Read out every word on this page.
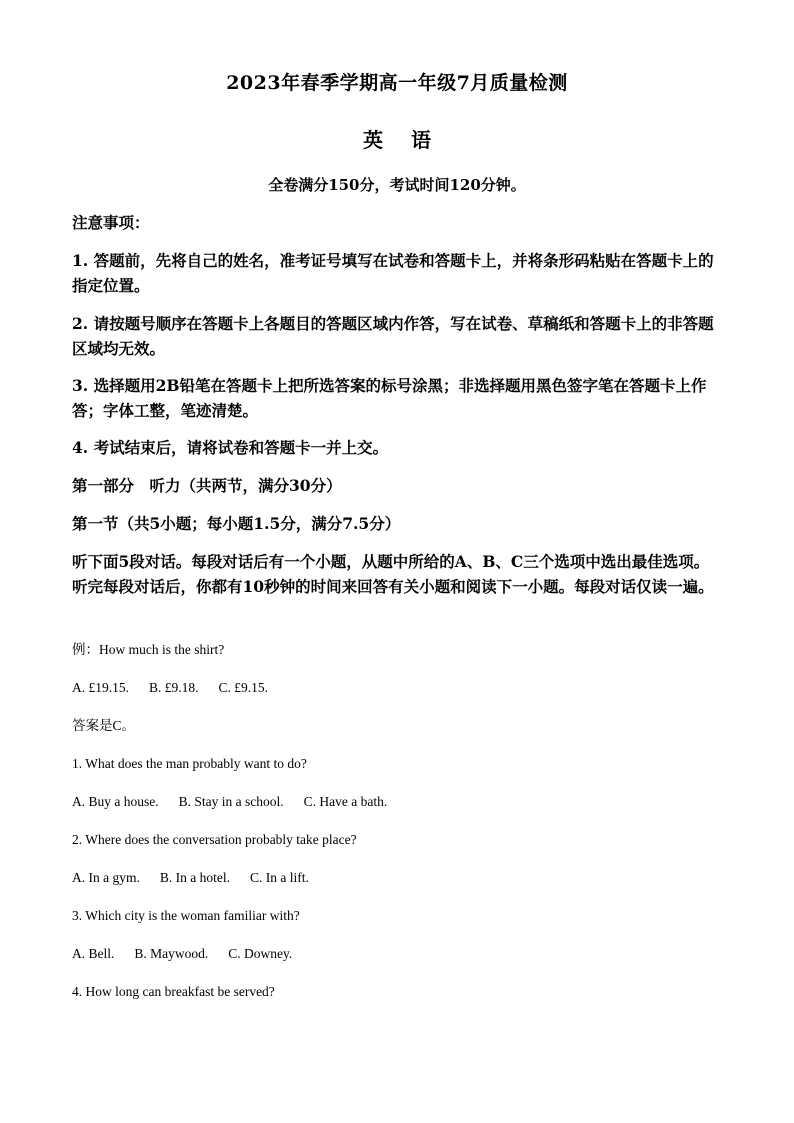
2023年春季学期高一年级7月质量检测
英 语
全卷满分150分，考试时间120分钟。
注意事项：
1. 答题前，先将自己的姓名，准考证号填写在试卷和答题卡上，并将条形码粘贴在答题卡上的指定位置。
2. 请按题号顺序在答题卡上各题目的答题区域内作答，写在试卷、草稿纸和答题卡上的非答题区域均无效。
3. 选择题用2B铅笔在答题卡上把所选答案的标号涂黑；非选择题用黑色签字笔在答题卡上作答；字体工整，笔迹清楚。
4. 考试结束后，请将试卷和答题卡一并上交。
第一部分　听力（共两节，满分30分）
第一节（共5小题；每小题1.5分，满分7.5分）
听下面5段对话。每段对话后有一个小题，从题中所给的A、B、C三个选项中选出最佳选项。听完每段对话后，你都有10秒钟的时间来回答有关小题和阅读下一小题。每段对话仅读一遍。
例：How much is the shirt?
A. £19.15. B. £9.18. C. £9.15.
答案是C。
1. What does the man probably want to do?
A. Buy a house. B. Stay in a school. C. Have a bath.
2. Where does the conversation probably take place?
A. In a gym. B. In a hotel. C. In a lift.
3. Which city is the woman familiar with?
A. Bell. B. Maywood. C. Downey.
4. How long can breakfast be served?
